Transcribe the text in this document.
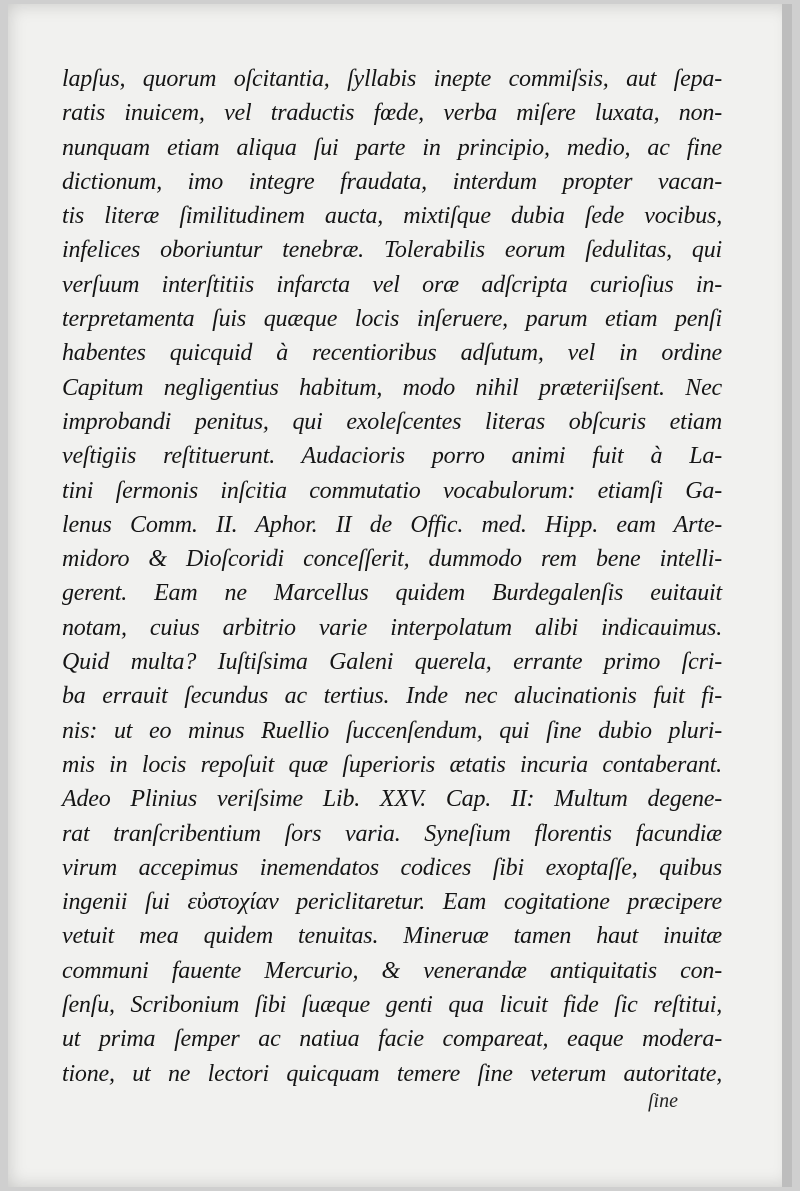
lapſus, quorum oſcitantia, ſyllabis inepte commiſsis, aut ſepa-
ratis inuicem, vel traductis fœde, verba miſere luxata, non-
nunquam etiam aliqua ſui parte in principio, medio, ac fine
dictionum, imo integre fraudata, interdum propter vacan-
tis literæ ſimilitudinem aucta, mixtiſque dubia ſede vocibus,
infelices oboriuntur tenebræ. Tolerabilis eorum ſedulitas, qui
verſuum interſtitiis infarcta vel oræ adſcripta curioſius in-
terpretamenta ſuis quæque locis inſeruere, parum etiam penſi
habentes quicquid à recentioribus adſutum, vel in ordine
Capitum negligentius habitum, modo nihil præteriiſsent. Nec
improbandi penitus, qui exoleſcentes literas obſcuris etiam
veſtigiis reſtituerunt. Audacioris porro animi fuit à La-
tini ſermonis inſcitia commutatio vocabulorum: etiamſi Ga-
lenus Comm. II. Aphor. II de Offic. med. Hipp. eam Arte-
midoro & Dioſcoridi conceſſerit, dummodo rem bene intelli-
gerent. Eam ne Marcellus quidem Burdegalenſis euitauit
notam, cuius arbitrio varie interpolatum alibi indicauimus.
Quid multa? Iuſtiſsima Galeni querela, errante primo ſcri-
ba errauit ſecundus ac tertius. Inde nec alucinationis fuit fi-
nis: ut eo minus Ruellio ſuccenſendum, qui ſine dubio pluri-
mis in locis repoſuit quæ ſuperioris ætatis incuria contaberant.
Adeo Plinius veriſsime Lib. XXV. Cap. II: Multum degene-
rat tranſcribentium ſors varia. Syneſium florentis facundiæ
virum accepimus inemendatos codices ſibi exoptaſſe, quibus
ingenii ſui εὐστοχίαν periclitaretur. Eam cogitatione præcipere
vetuit mea quidem tenuitas. Mineruæ tamen haut inuitæ
communi fauente Mercurio, & venerandæ antiquitatis con-
ſenſu, Scribonium ſibi ſuæque genti qua licuit fide ſic reſtitui,
ut prima ſemper ac natiua facie compareat, eaque modera-
tione, ut ne lectori quicquam temere ſine veterum autoritate,
ſine
